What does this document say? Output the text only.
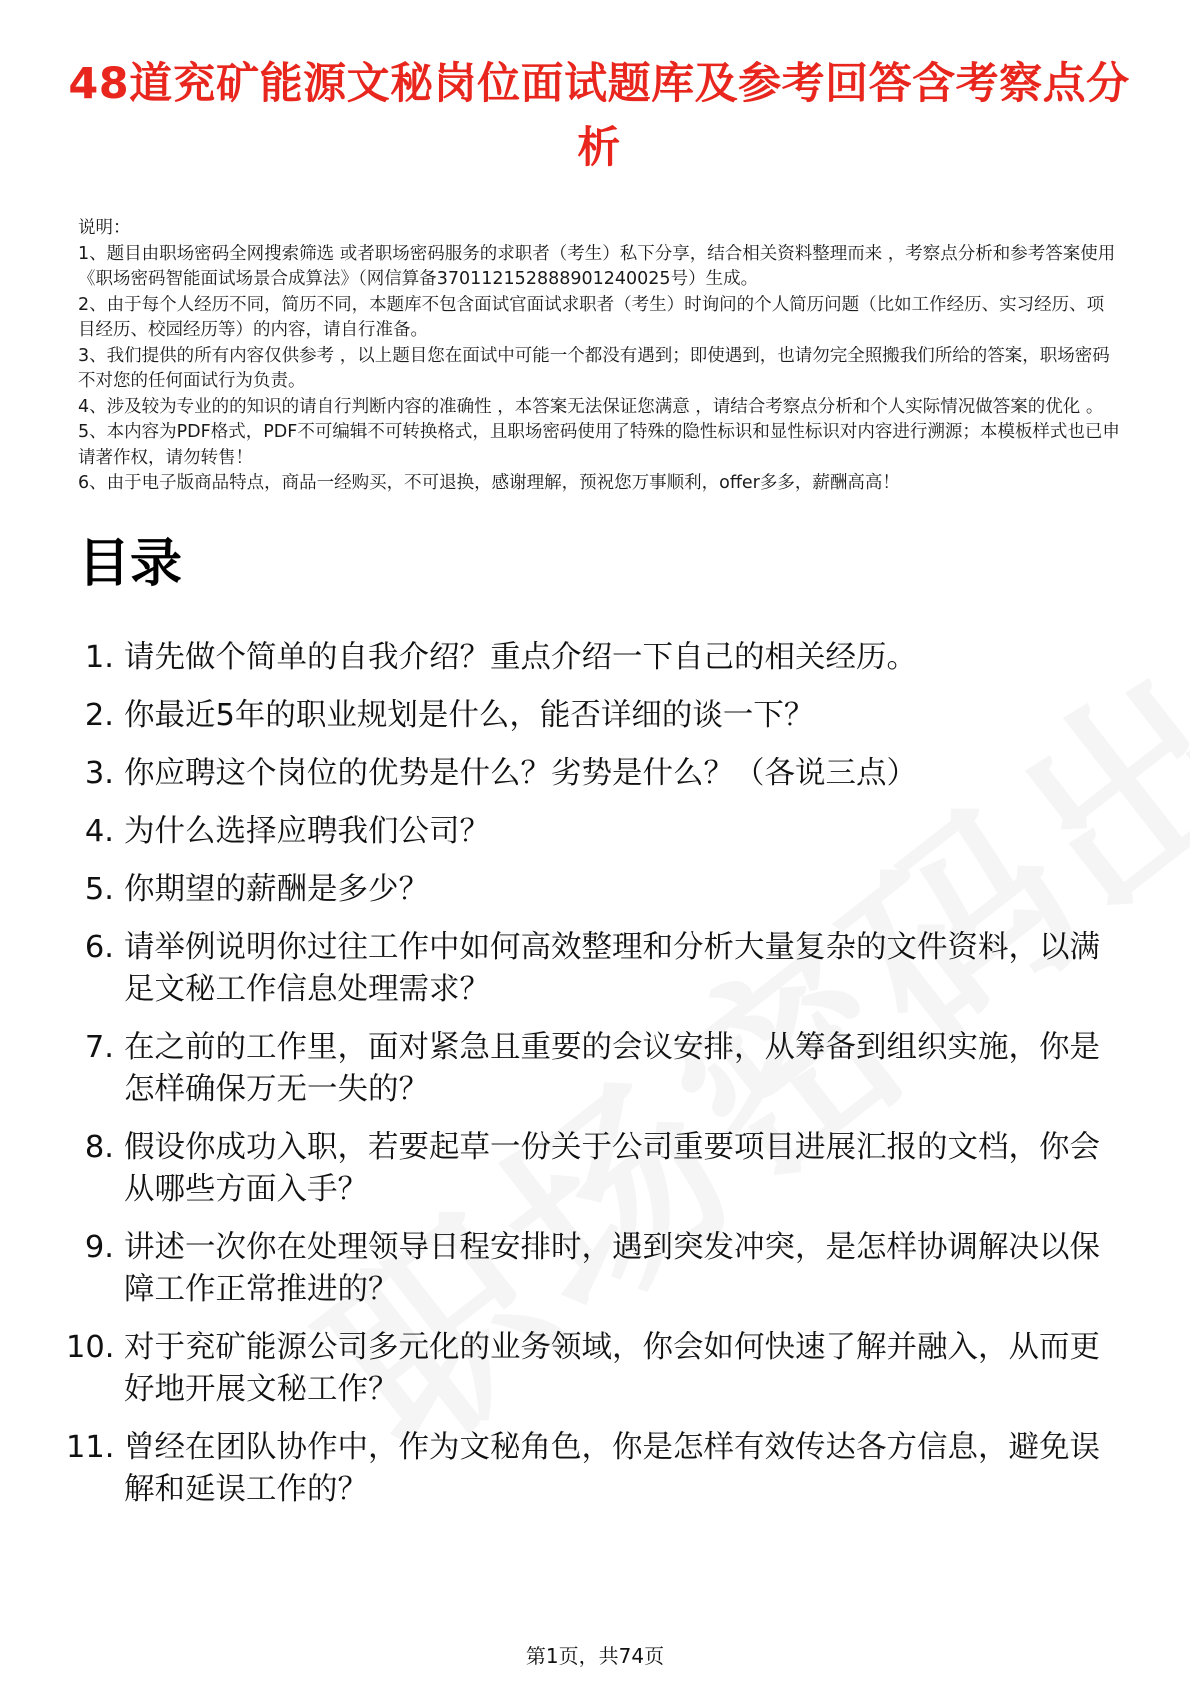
48道兖矿能源文秘岗位面试题库及参考回答含考察点分析
说明：
1、题目由职场密码全网搜索筛选 或者职场密码服务的求职者（考生）私下分享，结合相关资料整理而来 ，考察点分析和参考答案使用《职场密码智能面试场景合成算法》（网信算备370112152888901240025号）生成。
2、由于每个人经历不同，简历不同，本题库不包含面试官面试求职者（考生）时询问的个人简历问题（比如工作经历、实习经历、项目经历、校园经历等）的内容，请自行准备。
3、我们提供的所有内容仅供参考 ，以上题目您在面试中可能一个都没有遇到；即使遇到，也请勿完全照搬我们所给的答案，职场密码不对您的任何面试行为负责。
4、涉及较为专业的的知识的请自行判断内容的准确性 ，本答案无法保证您满意 ，请结合考察点分析和个人实际情况做答案的优化 。
5、本内容为PDF格式，PDF不可编辑不可转换格式，且职场密码使用了特殊的隐性标识和显性标识对内容进行溯源；本模板样式也已申请著作权，请勿转售！
6、由于电子版商品特点，商品一经购买，不可退换，感谢理解，预祝您万事顺利，offer多多，薪酬高高！
目录
1. 请先做个简单的自我介绍？重点介绍一下自己的相关经历。
2. 你最近5年的职业规划是什么，能否详细的谈一下？
3. 你应聘这个岗位的优势是什么？劣势是什么？（各说三点）
4. 为什么选择应聘我们公司？
5. 你期望的薪酬是多少？
6. 请举例说明你过往工作中如何高效整理和分析大量复杂的文件资料，以满足文秘工作信息处理需求？
7. 在之前的工作里，面对紧急且重要的会议安排，从筹备到组织实施，你是怎样确保万无一失的？
8. 假设你成功入职，若要起草一份关于公司重要项目进展汇报的文档，你会从哪些方面入手？
9. 讲述一次你在处理领导日程安排时，遇到突发冲突，是怎样协调解决以保障工作正常推进的？
10. 对于兖矿能源公司多元化的业务领域，你会如何快速了解并融入，从而更好地开展文秘工作？
11. 曾经在团队协作中，作为文秘角色，你是怎样有效传达各方信息，避免误解和延误工作的？
第1页，共74页
